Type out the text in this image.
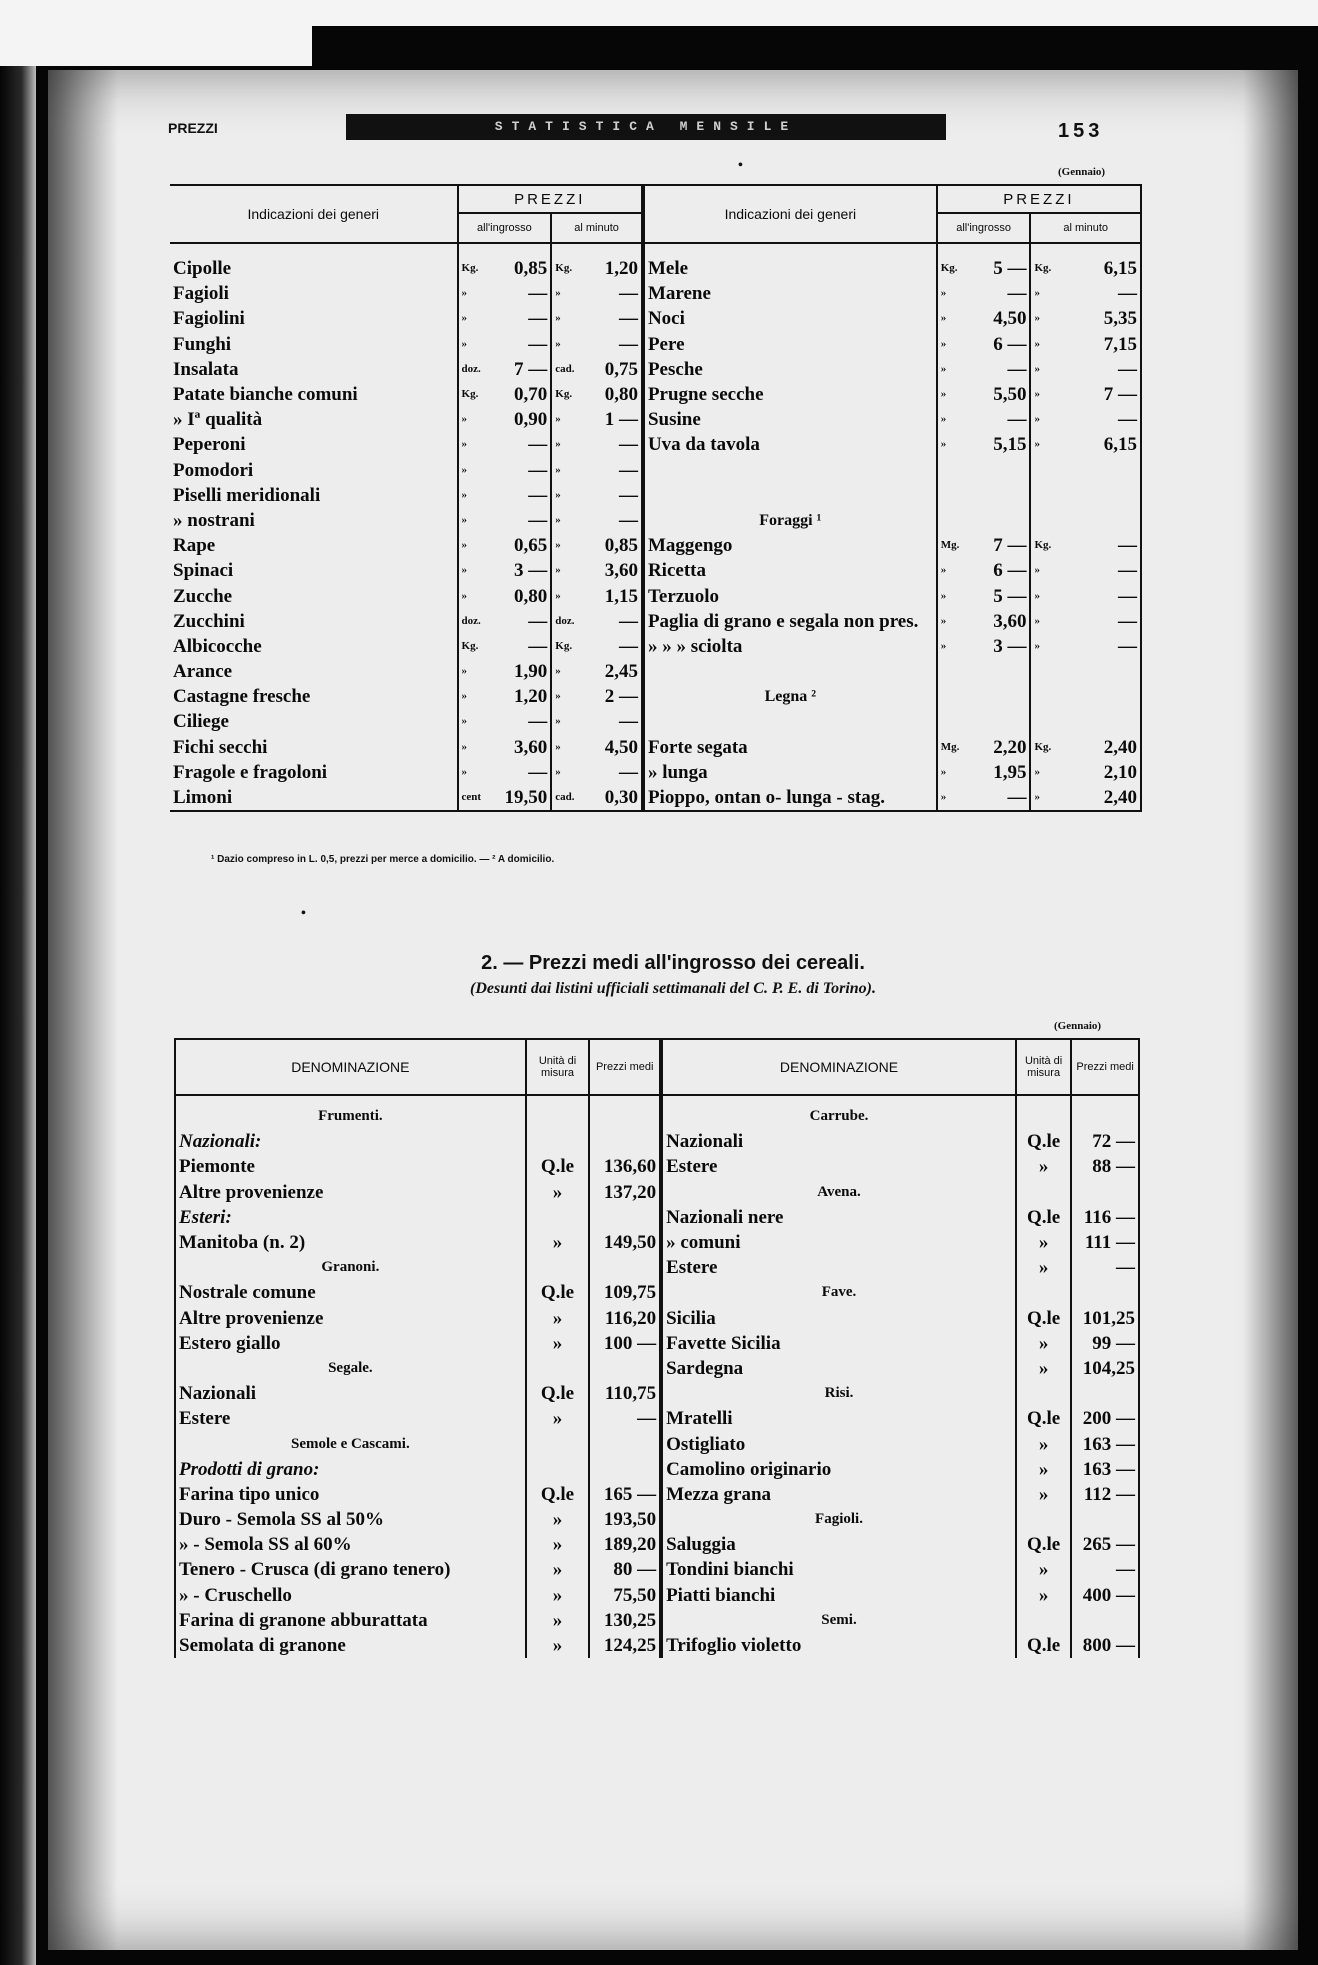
PREZZI	STATISTICA MENSILE	153
•	(Gennaio)
Indicazioni dei generi	PREZZI				Indicazioni dei generi	PREZZI			
	all'ingrosso		al minuto			all'ingrosso		al minuto	

Cipolle	Kg.	0,85	Kg.	1,20	Mele	Kg.	5 —	Kg.	6,15
Fagioli	»	—	»	—	Marene	»	—	»	—
Fagiolini	»	—	»	—	Noci	»	4,50	»	5,35
Funghi	»	—	»	—	Pere	»	6 —	»	7,15
Insalata	doz.	7 —	cad.	0,75	Pesche	»	—	»	—
Patate bianche comuni	Kg.	0,70	Kg.	0,80	Prugne secche	»	5,50	»	7 —
» Iª qualità	»	0,90	»	1 —	Susine	»	—	»	—
Peperoni	»	—	»	—	Uva da tavola	»	5,15	»	6,15
Pomodori	»	—	»	—					
Piselli meridionali	»	—	»	—					
» nostrani	»	—	»	—	Foraggi ¹				
Rape	»	0,65	»	0,85	Maggengo	Mg.	7 —	Kg.	—
Spinaci	»	3 —	»	3,60	Ricetta	»	6 —	»	—
Zucche	»	0,80	»	1,15	Terzuolo	»	5 —	»	—
Zucchini	doz.	—	doz.	—	Paglia di grano e segala non pres.	»	3,60	»	—
Albicocche	Kg.	—	Kg.	—	» » » sciolta	»	3 —	»	—
Arance	»	1,90	»	2,45					
Castagne fresche	»	1,20	»	2 —	Legna ²				
Ciliege	»	—	»	—					
Fichi secchi	»	3,60	»	4,50	Forte segata	Mg.	2,20	Kg.	2,40
Fragole e fragoloni	»	—	»	—	» lunga	»	1,95	»	2,10
Limoni	cent	19,50	cad.	0,30	Pioppo, ontan o- lunga - stag.	»	—	»	2,40
¹ Dazio compreso in L. 0,5, prezzi per merce a domicilio. — ² A domicilio.
•
2. — Prezzi medi all'ingrosso dei cereali.
(Desunti dai listini ufficiali settimanali del C. P. E. di Torino).
(Gennaio)
DENOMINAZIONE	Unità di misura	Prezzi medi	DENOMINAZIONE	Unità di misura	Prezzi medi

Frumenti.			Carrube.		
Nazionali:			Nazionali	Q.le	72 —
Piemonte	Q.le	136,60	Estere	»	88 —
Altre provenienze	»	137,20	Avena.		
Esteri:			Nazionali nere	Q.le	116 —
Manitoba (n. 2)	»	149,50	» comuni	»	111 —
Granoni.			Estere	»	—
Nostrale comune	Q.le	109,75	Fave.		
Altre provenienze	»	116,20	Sicilia	Q.le	101,25
Estero giallo	»	100 —	Favette Sicilia	»	99 —
Segale.			Sardegna	»	104,25
Nazionali	Q.le	110,75	Risi.		
Estere	»	—	Mratelli	Q.le	200 —
Semole e Cascami.			Ostigliato	»	163 —
Prodotti di grano:			Camolino originario	»	163 —
Farina tipo unico	Q.le	165 —	Mezza grana	»	112 —
Duro - Semola SS al 50%	»	193,50	Fagioli.		
» - Semola SS al 60%	»	189,20	Saluggia	Q.le	265 —
Tenero - Crusca (di grano tenero)	»	80 —	Tondini bianchi	»	—
» - Cruschello	»	75,50	Piatti bianchi	»	400 —
Farina di granone abburattata	»	130,25	Semi.		
Semolata di granone	»	124,25	Trifoglio violetto	Q.le	800 —
